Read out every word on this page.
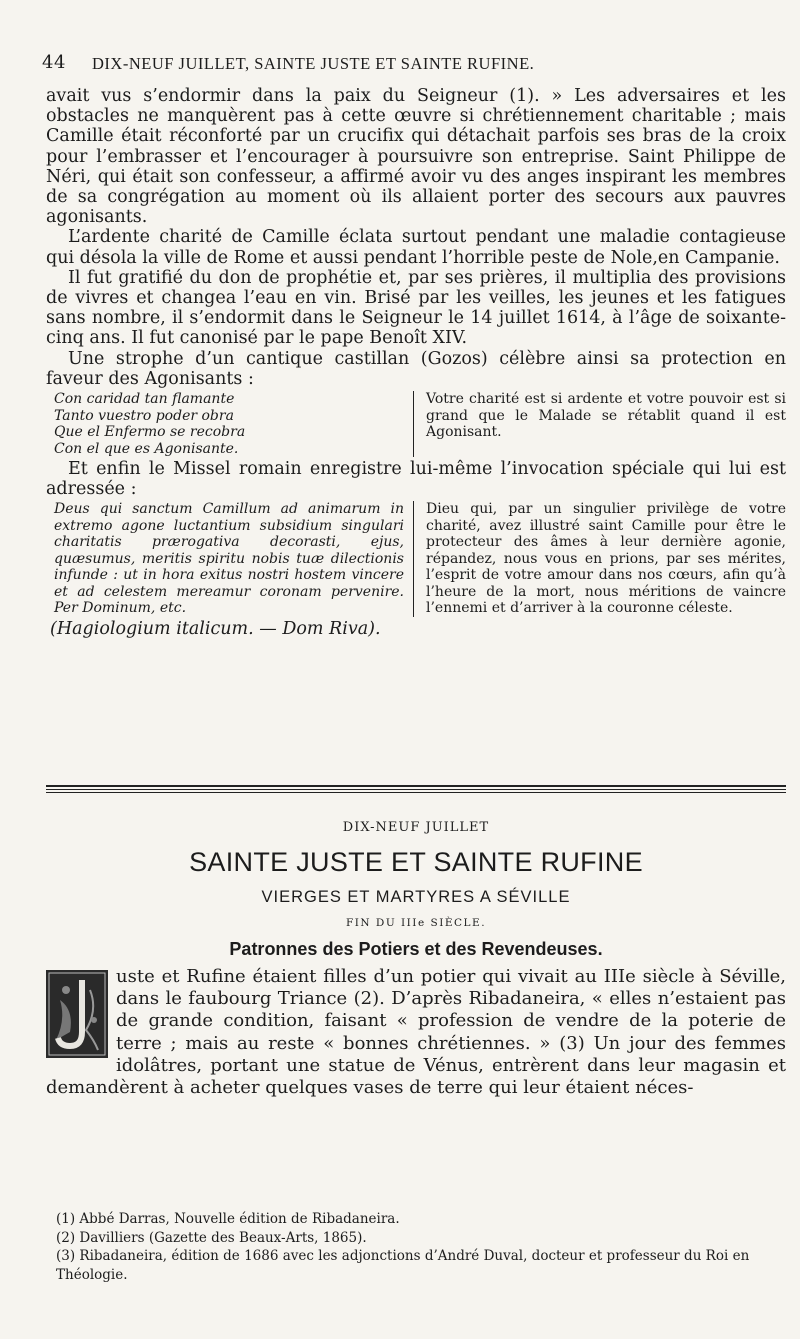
44 DIX-NEUF JUILLET, SAINTE JUSTE ET SAINTE RUFINE.

avait vus s’endormir dans la paix du Seigneur (1). » Les adversaires et les obstacles ne manquèrent pas à cette œuvre si chrétiennement charitable ; mais Camille était réconforté par un crucifix qui détachait parfois ses bras de la croix pour l’embrasser et l’encourager à poursuivre son entreprise. Saint Philippe de Néri, qui était son confesseur, a affirmé avoir vu des anges inspirant les membres de sa congrégation au moment où ils allaient porter des secours aux pauvres agonisants.

L’ardente charité de Camille éclata surtout pendant une maladie contagieuse qui désola la ville de Rome et aussi pendant l’horrible peste de Nole,en Campanie.

Il fut gratifié du don de prophétie et, par ses prières, il multiplia des provisions de vivres et changea l’eau en vin. Brisé par les veilles, les jeunes et les fatigues sans nombre, il s’endormit dans le Seigneur le 14 juillet 1614, à l’âge de soixante-cinq ans. Il fut canonisé par le pape Benoît XIV.

Une strophe d’un cantique castillan (Gozos) célèbre ainsi sa protection en faveur des Agonisants :

Con caridad tan flamante
Tanto vuestro poder obra
Que el Enfermo se recobra
Con el que es Agonisante.
Votre charité est si ardente et votre pouvoir est si grand que le Malade se rétablit quand il est Agonisant.

Et enfin le Missel romain enregistre lui-même l’invocation spéciale qui lui est adressée :

Deus qui sanctum Camillum ad animarum in extremo agone luctantium subsidium singulari charitatis prærogativa decorasti, ejus, quæsumus, meritis spiritu nobis tuæ dilectionis infunde : ut in hora exitus nostri hostem vincere et ad celestem mereamur coronam pervenire. Per Dominum, etc.
Dieu qui, par un singulier privilège de votre charité, avez illustré saint Camille pour être le protecteur des âmes à leur dernière agonie, répandez, nous vous en prions, par ses mérites, l’esprit de votre amour dans nos cœurs, afin qu’à l’heure de la mort, nous méritions de vaincre l’ennemi et d’arriver à la couronne céleste.

(Hagiologium italicum. — Dom Riva).

DIX-NEUF JUILLET
SAINTE JUSTE ET SAINTE RUFINE
VIERGES ET MARTYRES A SÉVILLE
FIN DU IIIe SIÈCLE.
Patronnes des Potiers et des Revendeuses.
uste et Rufine étaient filles d’un potier qui vivait au IIIe siècle à Séville, dans le faubourg Triance (2). D’après Ribadaneira, « elles n’estaient pas de grande condition, faisant « profession de vendre de la poterie de terre ; mais au reste « bonnes chrétiennes. » (3) Un jour des femmes idolâtres, portant une statue de Vénus, entrèrent dans leur magasin et demandèrent à acheter quelques vases de terre qui leur étaient néces-

(1) Abbé Darras, Nouvelle édition de Ribadaneira.

(2) Davilliers (Gazette des Beaux-Arts, 1865).

(3) Ribadaneira, édition de 1686 avec les adjonctions d’André Duval, docteur et professeur du Roi en Théologie.
